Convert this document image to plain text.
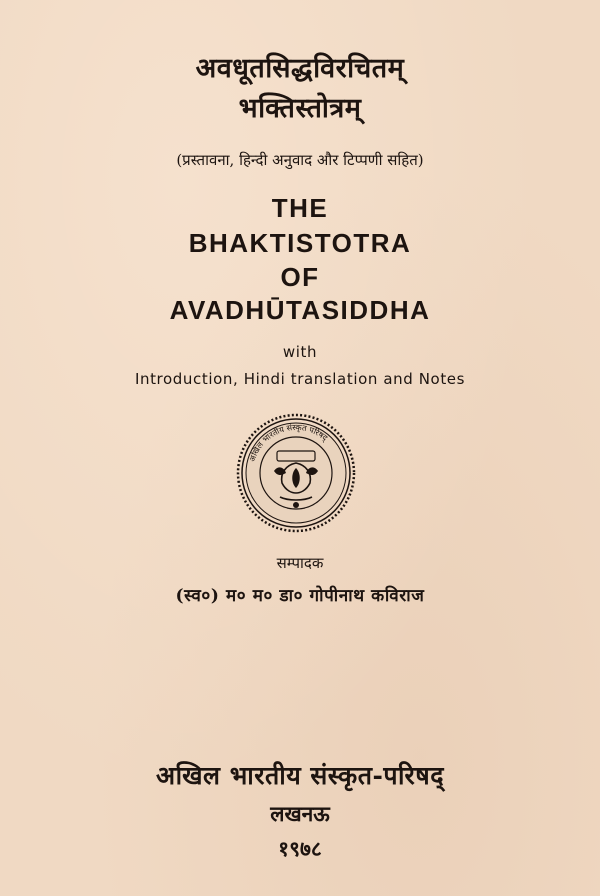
अवधूतसिद्धविरचितम्
भक्तिस्तोत्रम्
(प्रस्तावना, हिन्दी अनुवाद और टिप्पणी सहित)
THE
BHAKTISTOTRA
OF
AVADHŪTASIDDHA
with
Introduction, Hindi translation and Notes
अखिल भारतीय संस्कृत परिषद्
सम्पादक
(स्व०) म० म० डा० गोपीनाथ कविराज
अखिल भारतीय संस्कृत-परिषद्
लखनऊ
१९७८
